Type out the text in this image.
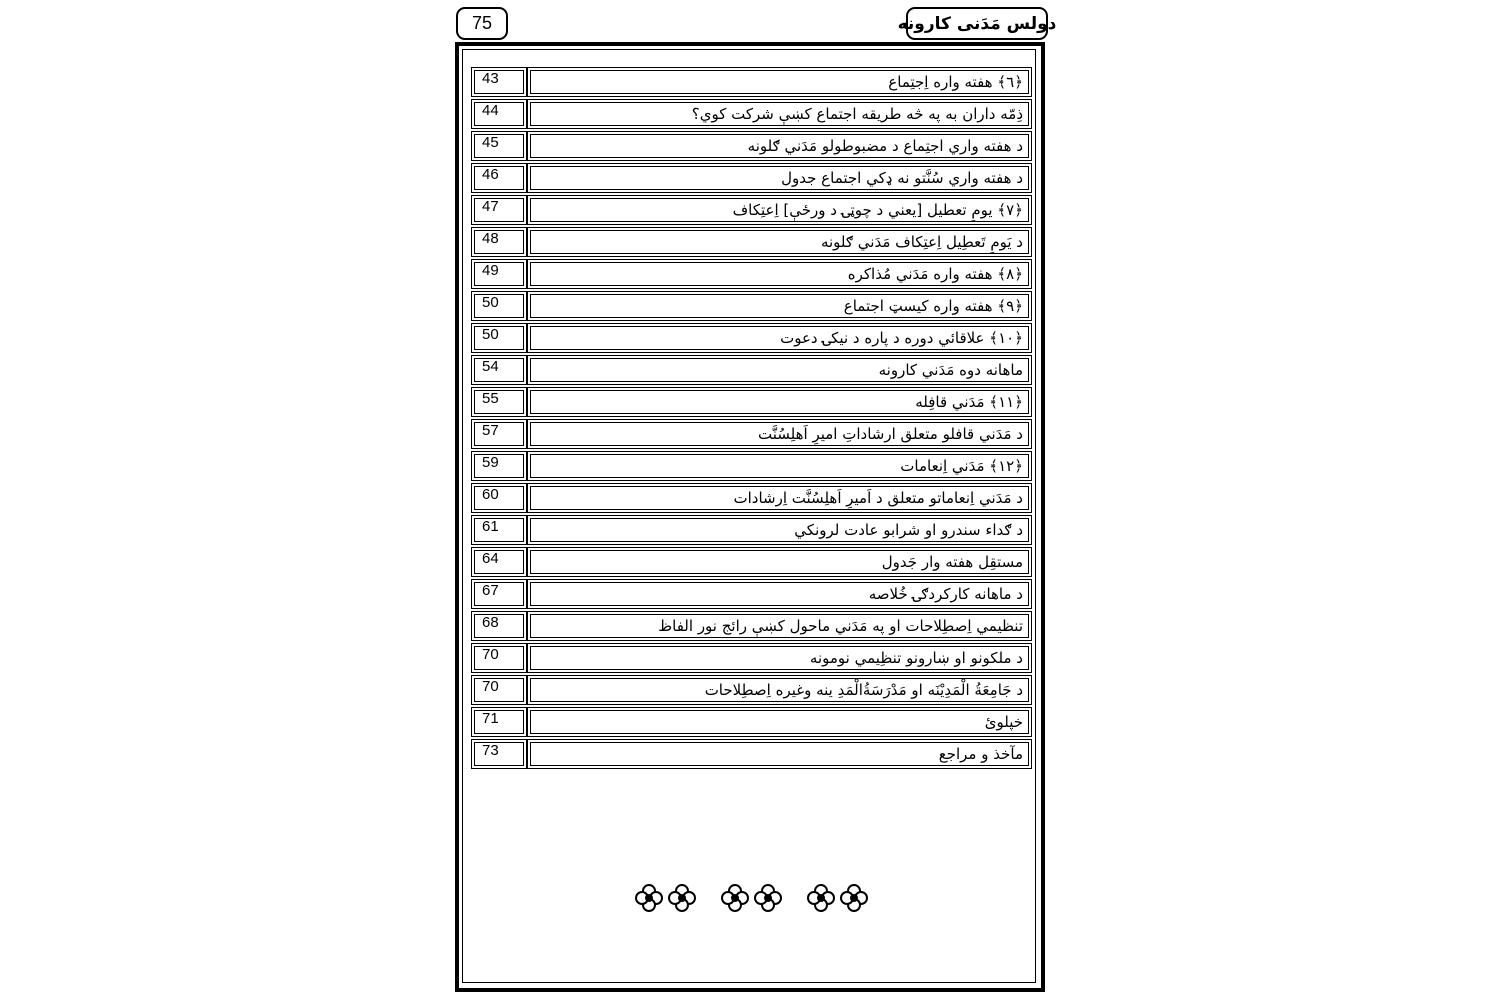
75	دولس مَدَنی کارونه
43	﴿٦﴾ هفته واره اِجتِماع
44	ذِمّه داران به په څه طريقه اجتماع کښې شرکت کوي؟
45	د هفته واري اجتِماع د مضبوطولو مَدَني ګلونه
46	د هفته واري سُنَّتو نه ډکي اجتماع جدول
47	﴿٧﴾ يومِ تعطيل [يعني د چوټۍ د ورځې] اِعتِكاف
48	د يَومِ تَعطِيل اِعتِکاف مَدَني ګلونه
49	﴿٨﴾ هفته واره مَدَني مُذاكره
50	﴿٩﴾ هفته واره کيسټ اجتماع
50	﴿١٠﴾ علاقائي دوره د پاره د نيکۍ دعوت
54	ماهانه دوه مَدَني کارونه
55	﴿١١﴾ مَدَني قافِله
57	د مَدَني قافلو متعلق ارشاداتِ اميرِ اَهلِسُنَّت
59	﴿١٢﴾ مَدَني اِنعامات
60	د مَدَني اِنعاماتو متعلق د اَميرِ اَهلِسُنَّت اِرشادات
61	د ګداء سندرو او شرابو عادت لرونکي
64	مستقِل هفته وار جَدول
67	د ماهانه کارکردګۍ خُلاصه
68	تنظيمي اِصطِلاحات او په مَدَني ماحول کښې رائج نور الفاظ
70	د ملکونو او ښارونو تنظِيمي نومونه
70	د جَامِعَةُ الْمَدِيْنَه او مَدْرَسَةُالْمَدِ ينه وغيره اِصطِلاحات
71	خپلوئ
73	مآخذ و مراجع
